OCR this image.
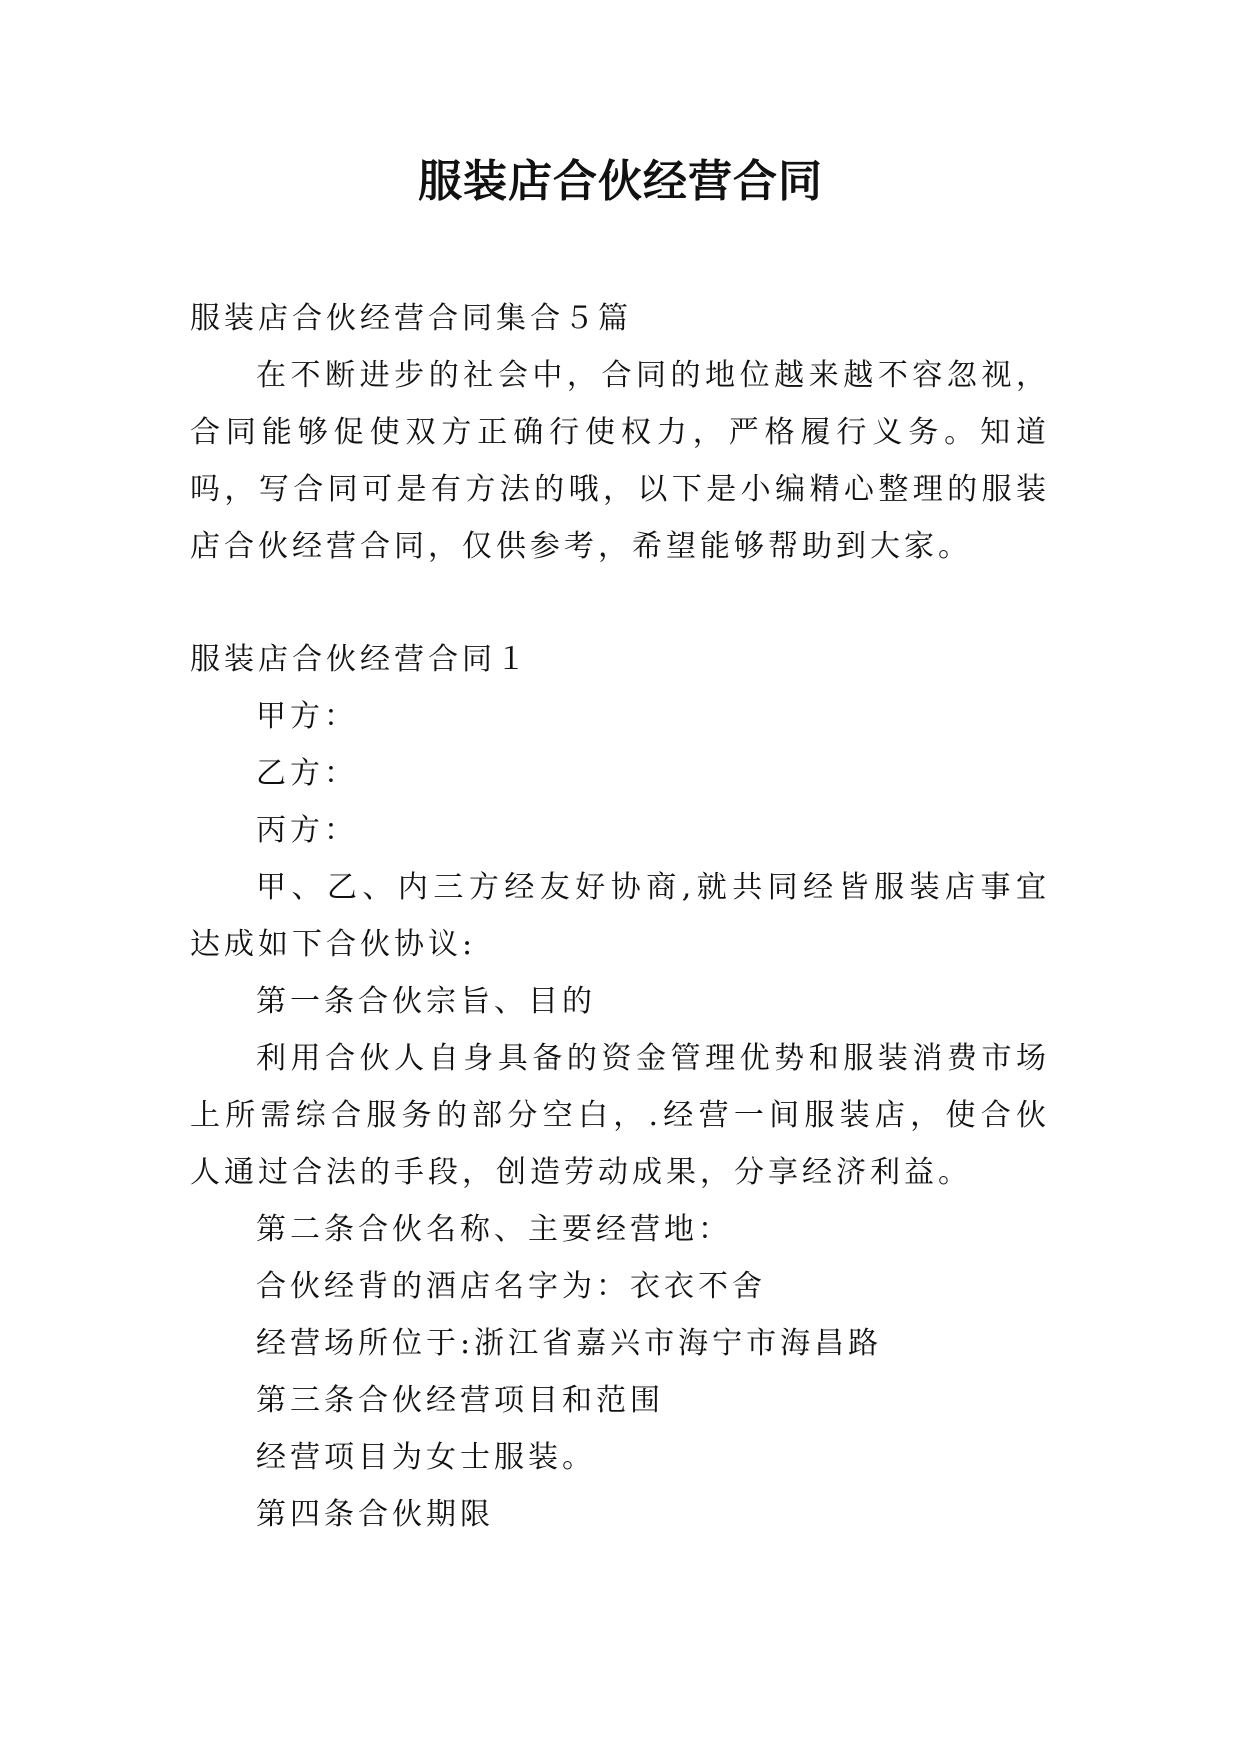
服装店合伙经营合同

服装店合伙经营合同集合５篇

在不断进步的社会中，合同的地位越来越不容忽视，合同能够促使双方正确行使权力，严格履行义务。知道吗，写合同可是有方法的哦，以下是小编精心整理的服装店合伙经营合同，仅供参考，希望能够帮助到大家。

服装店合伙经营合同１

甲方：

乙方：

丙方：

甲、乙、内三方经友好协商,就共同经皆服装店事宜达成如下合伙协议:

第一条合伙宗旨、目的

利用合伙人自身具备的资金管理优势和服装消费市场上所需综合服务的部分空白，.经营一间服装店，使合伙人通过合法的手段，创造劳动成果，分享经济利益。

第二条合伙名称、主要经营地：

合伙经背的酒店名字为：衣衣不舍

经营场所位于:浙江省嘉兴市海宁市海昌路

第三条合伙经营项目和范围

经营项目为女士服装。

第四条合伙期限
